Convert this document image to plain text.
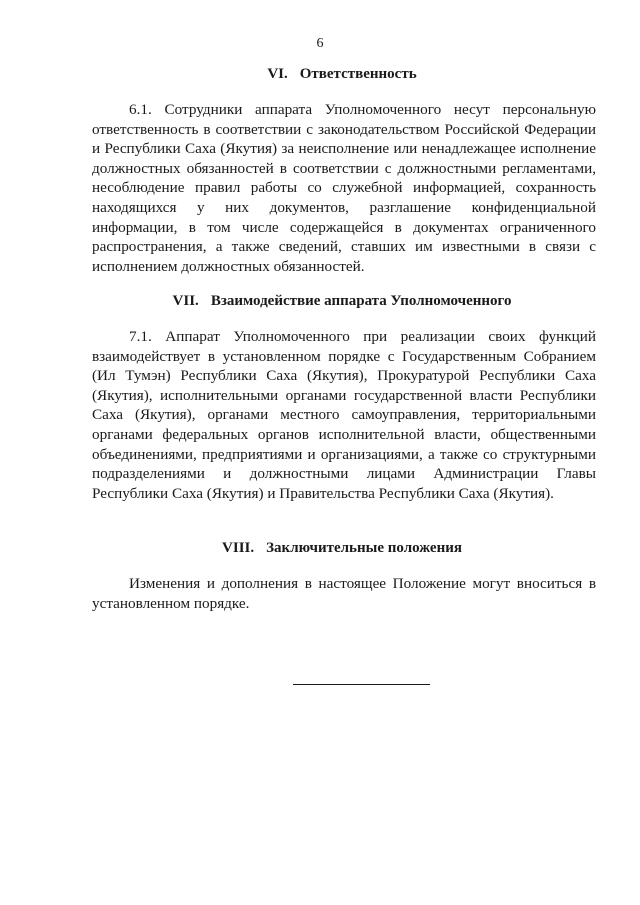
6
VI. Ответственность

6.1. Сотрудники аппарата Уполномоченного несут персональную ответственность в соответствии с законодательством Российской Федерации и Республики Саха (Якутия) за неисполнение или ненадлежащее исполнение должностных обязанностей в соответствии с должностными регламентами, несоблюдение правил работы со служебной информацией, сохранность находящихся у них документов, разглашение конфиденциальной информации, в том числе содержащейся в документах ограниченного распространения, а также сведений, ставших им известными в связи с исполнением должностных обязанностей.

VII. Взаимодействие аппарата Уполномоченного

7.1. Аппарат Уполномоченного при реализации своих функций взаимодействует в установленном порядке с Государственным Собранием (Ил Тумэн) Республики Саха (Якутия), Прокуратурой Республики Саха (Якутия), исполнительными органами государственной власти Республики Саха (Якутия), органами местного самоуправления, территориальными органами федеральных органов исполнительной власти, общественными объединениями, предприятиями и организациями, а также со структурными подразделениями и должностными лицами Администрации Главы Республики Саха (Якутия) и Правительства Республики Саха (Якутия).

VIII. Заключительные положения

Изменения и дополнения в настоящее Положение могут вноситься в установленном порядке.
